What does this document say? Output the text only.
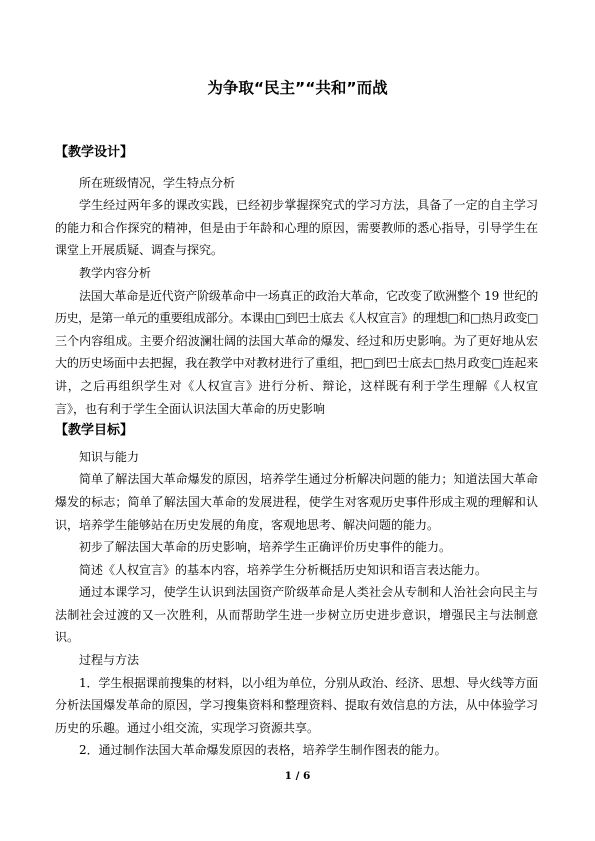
为争取“民主”“共和”而战
【教学设计】
所在班级情况，学生特点分析
学生经过两年多的课改实践，已经初步掌握探究式的学习方法，具备了一定的自主学习
的能力和合作探究的精神，但是由于年龄和心理的原因，需要教师的悉心指导，引导学生在
课堂上开展质疑、调查与探究。
教学内容分析
法国大革命是近代资产阶级革命中一场真正的政治大革命，它改变了欧洲整个 19 世纪的
历史，是第一单元的重要组成部分。本课由□到巴士底去《人权宣言》的理想□和□热月政变□
三个内容组成。主要介绍波澜壮阔的法国大革命的爆发、经过和历史影响。为了更好地从宏
大的历史场面中去把握，我在教学中对教材进行了重组，把□到巴士底去□热月政变□连起来
讲，之后再组织学生对《人权宣言》进行分析、辩论，这样既有利于学生理解《人权宣
言》，也有利于学生全面认识法国大革命的历史影响
【教学目标】
知识与能力
简单了解法国大革命爆发的原因，培养学生通过分析解决问题的能力；知道法国大革命
爆发的标志；简单了解法国大革命的发展进程，使学生对客观历史事件形成主观的理解和认
识，培养学生能够站在历史发展的角度，客观地思考、解决问题的能力。
初步了解法国大革命的历史影响，培养学生正确评价历史事件的能力。
简述《人权宣言》的基本内容，培养学生分析概括历史知识和语言表达能力。
通过本课学习，使学生认识到法国资产阶级革命是人类社会从专制和人治社会向民主与
法制社会过渡的又一次胜利，从而帮助学生进一步树立历史进步意识，增强民主与法制意
识。
过程与方法
1．学生根据课前搜集的材料，以小组为单位，分别从政治、经济、思想、导火线等方面
分析法国爆发革命的原因，学习搜集资料和整理资料、提取有效信息的方法，从中体验学习
历史的乐趣。通过小组交流，实现学习资源共享。
2．通过制作法国大革命爆发原因的表格，培养学生制作图表的能力。
1 / 6
